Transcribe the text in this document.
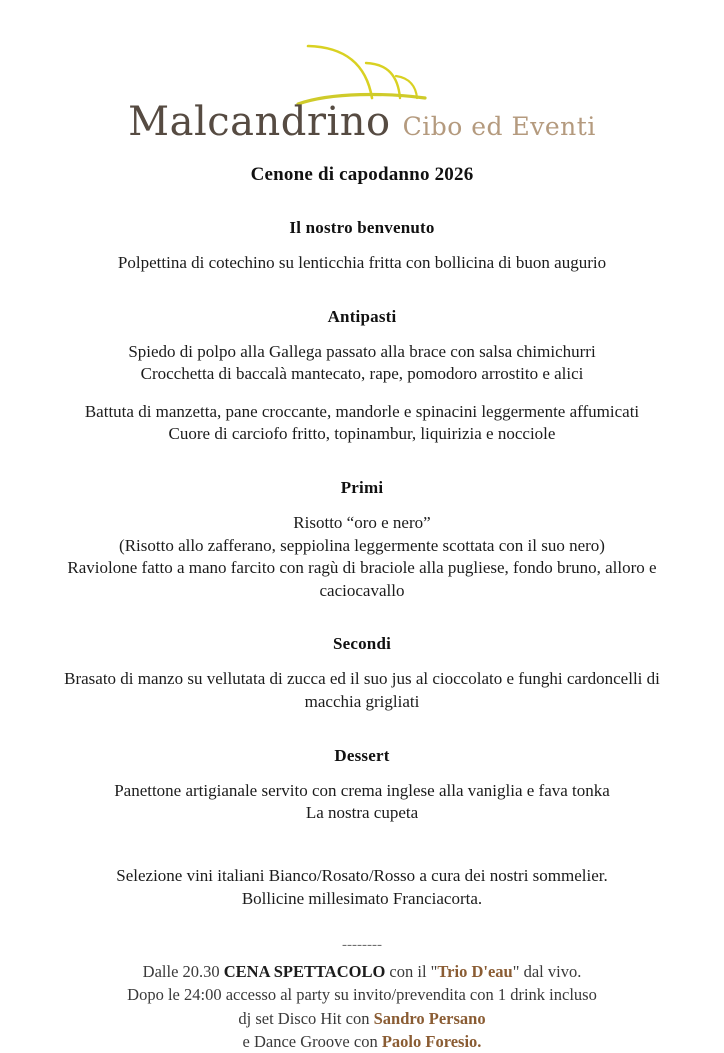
Malcandrino Cibo ed Eventi
Cenone di capodanno 2026
Il nostro benvenuto

Polpettina di cotechino su lenticchia fritta con bollicina di buon augurio

Antipasti

Spiedo di polpo alla Gallega passato alla brace con salsa chimichurri

Crocchetta di baccalà mantecato, rape, pomodoro arrostito e alici

Battuta di manzetta, pane croccante, mandorle e spinacini leggermente affumicati

Cuore di carciofo fritto, topinambur, liquirizia e nocciole

Primi

Risotto “oro e nero”

(Risotto allo zafferano, seppiolina leggermente scottata con il suo nero)

Raviolone fatto a mano farcito con ragù di braciole alla pugliese, fondo bruno, alloro e caciocavallo

Secondi

Brasato di manzo su vellutata di zucca ed il suo jus al cioccolato e funghi cardoncelli di macchia grigliati

Dessert

Panettone artigianale servito con crema inglese alla vaniglia e fava tonka

La nostra cupeta

Selezione vini italiani Bianco/Rosato/Rosso a cura dei nostri sommelier.

Bollicine millesimato Franciacorta.

--------

Dalle 20.30 CENA SPETTACOLO con il "Trio D'eau" dal vivo.

Dopo le 24:00 accesso al party su invito/prevendita con 1 drink incluso

dj set Disco Hit con Sandro Persano

e Dance Groove con Paolo Foresio.
